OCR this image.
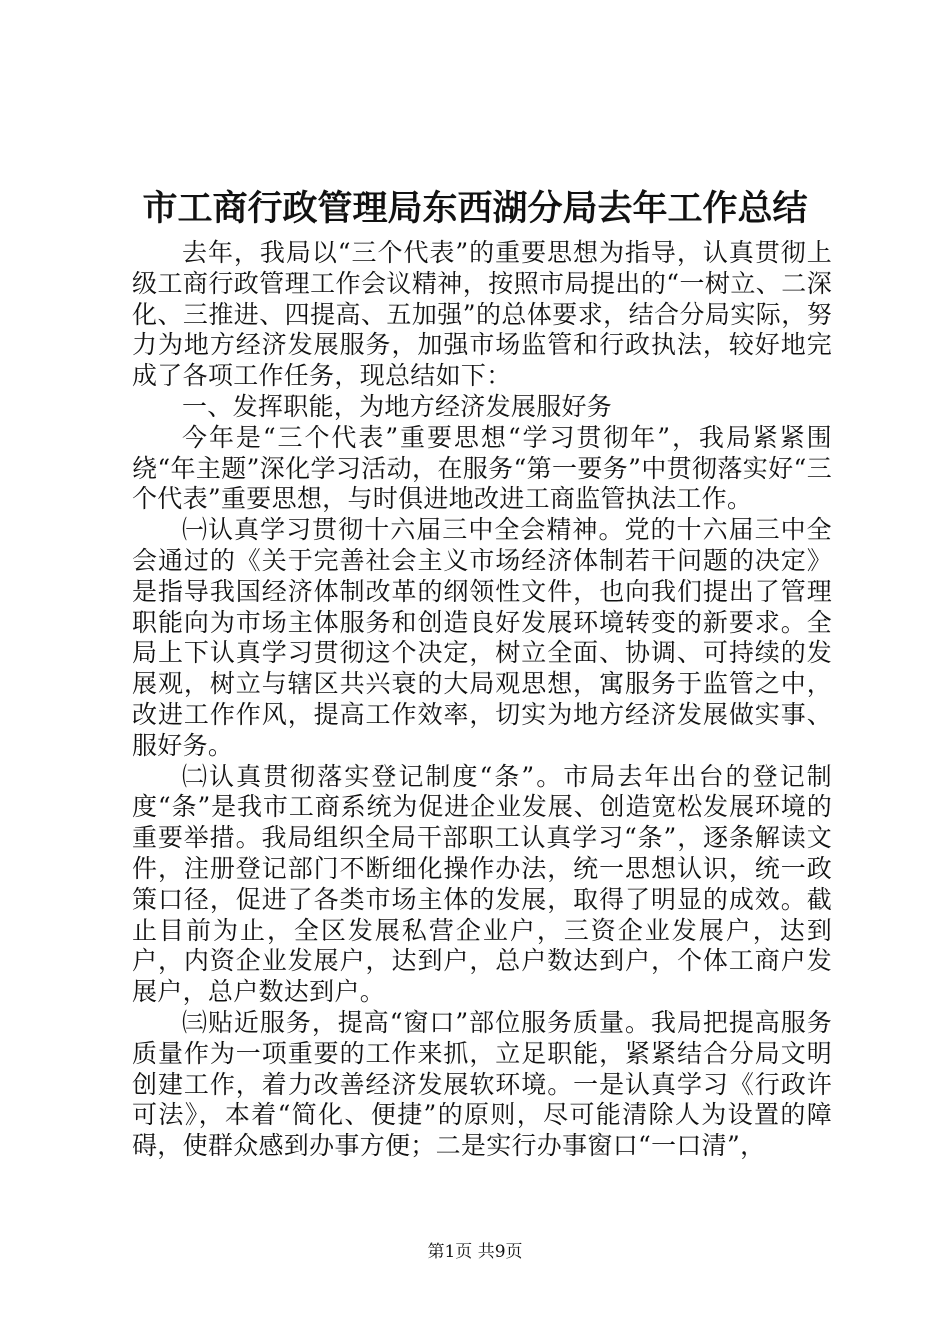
市工商行政管理局东西湖分局去年工作总结

去年，我局以“三个代表”的重要思想为指导，认真贯彻上级工商行政管理工作会议精神，按照市局提出的“一树立、二深化、三推进、四提高、五加强”的总体要求，结合分局实际，努力为地方经济发展服务，加强市场监管和行政执法，较好地完成了各项工作任务，现总结如下：

一、发挥职能，为地方经济发展服好务

今年是“三个代表”重要思想“学习贯彻年”，我局紧紧围绕“年主题”深化学习活动，在服务“第一要务”中贯彻落实好“三个代表”重要思想，与时俱进地改进工商监管执法工作。

㈠认真学习贯彻十六届三中全会精神。党的十六届三中全会通过的《关于完善社会主义市场经济体制若干问题的决定》是指导我国经济体制改革的纲领性文件，也向我们提出了管理职能向为市场主体服务和创造良好发展环境转变的新要求。全局上下认真学习贯彻这个决定，树立全面、协调、可持续的发展观，树立与辖区共兴衰的大局观思想，寓服务于监管之中，改进工作作风，提高工作效率，切实为地方经济发展做实事、服好务。

㈡认真贯彻落实登记制度“条”。市局去年出台的登记制度“条”是我市工商系统为促进企业发展、创造宽松发展环境的重要举措。我局组织全局干部职工认真学习“条”，逐条解读文件，注册登记部门不断细化操作办法，统一思想认识，统一政策口径，促进了各类市场主体的发展，取得了明显的成效。截止目前为止，全区发展私营企业户，三资企业发展户，达到户，内资企业发展户，达到户，总户数达到户，个体工商户发展户，总户数达到户。

㈢贴近服务，提高“窗口”部位服务质量。我局把提高服务质量作为一项重要的工作来抓，立足职能，紧紧结合分局文明创建工作，着力改善经济发展软环境。一是认真学习《行政许可法》，本着“简化、便捷”的原则，尽可能清除人为设置的障碍，使群众感到办事方便；二是实行办事窗口“一口清”，

第1页 共9页
